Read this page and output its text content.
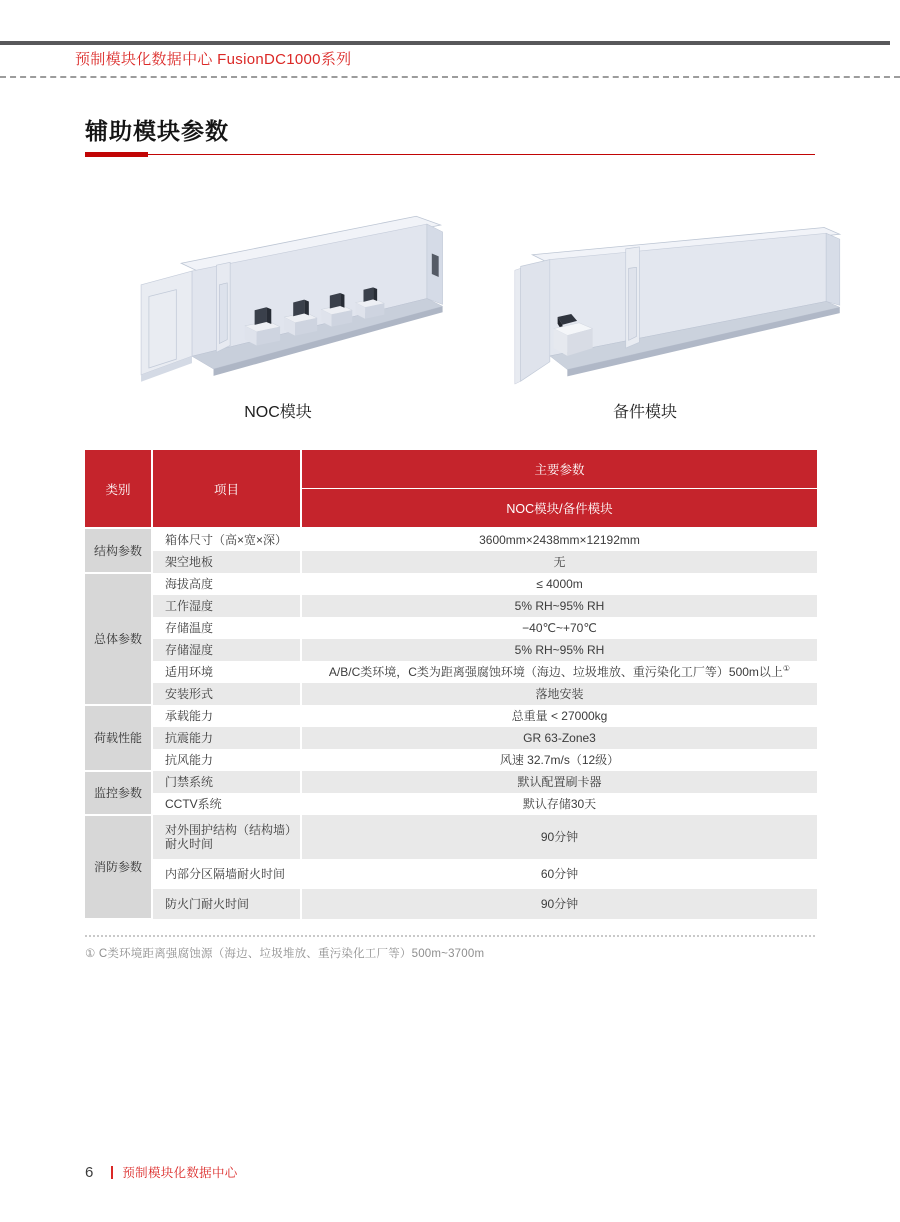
预制模块化数据中心 FusionDC1000系列
辅助模块参数
NOC模块	备件模块
类别	项目	主要参数
		NOC模块/备件模块
结构参数	箱体尺寸（高×宽×深）	3600mm×2438mm×12192mm
	架空地板	无
总体参数	海拔高度	≤ 4000m
	工作湿度	5% RH~95% RH
	存储温度	−40℃~+70℃
	存储湿度	5% RH~95% RH
	适用环境	A/B/C类环境，C类为距离强腐蚀环境（海边、垃圾堆放、重污染化工厂等）500m以上①
	安装形式	落地安装
荷载性能	承载能力	总重量 < 27000kg
	抗震能力	GR 63-Zone3
	抗风能力	风速 32.7m/s（12级）
监控参数	门禁系统	默认配置刷卡器
	CCTV系统	默认存储30天
消防参数	对外围护结构（结构墙）耐火时间	90分钟
	内部分区隔墙耐火时间	60分钟
	防火门耐火时间	90分钟
① C类环境距离强腐蚀源（海边、垃圾堆放、重污染化工厂等）500m~3700m
6 预制模块化数据中心
